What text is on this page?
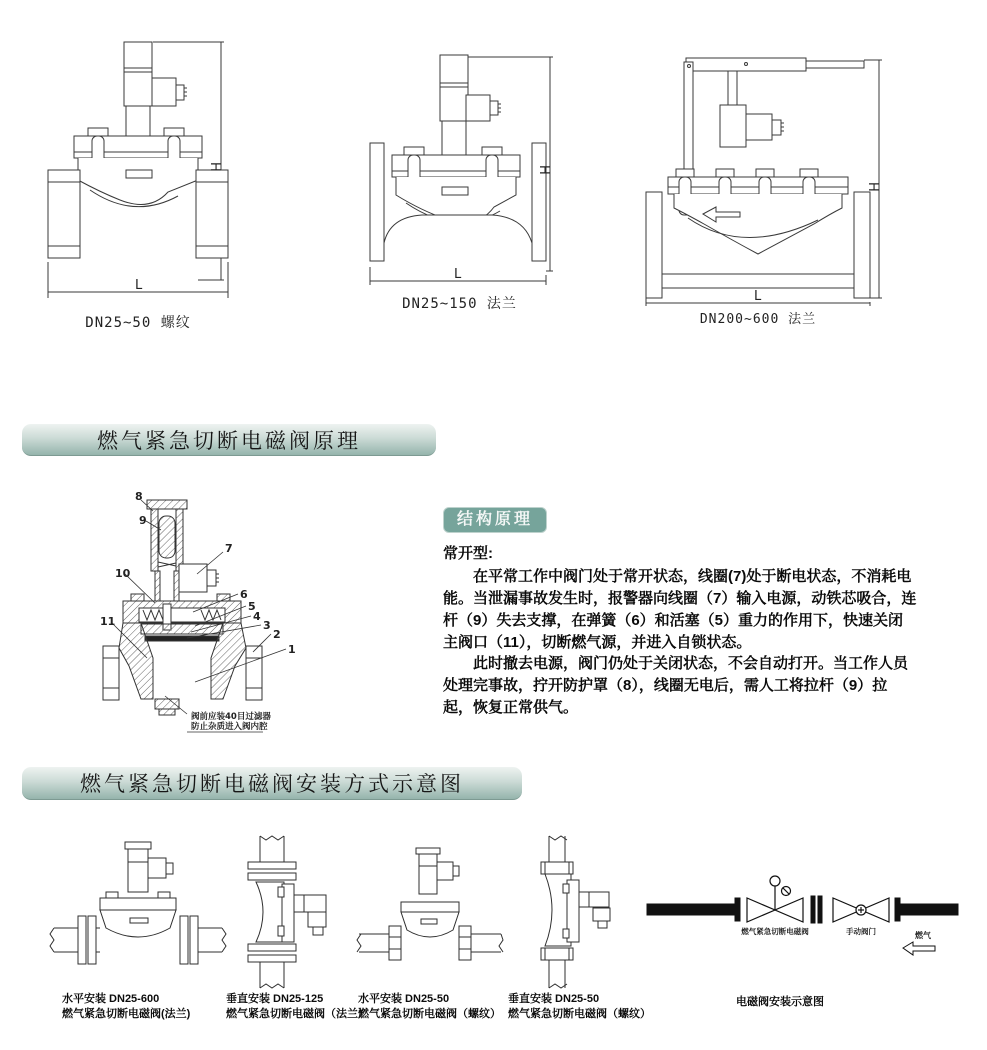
H
L
DN25~50 螺纹
H
L
DN25~150 法兰
H
L
DN200~600 法兰
燃气紧急切断电磁阀原理
8
9
7
10
6
5
4
3
2
1
11
阀前应装40目过滤器
防止杂质进入阀内腔
结构原理

常开型:

在平常工作中阀门处于常开状态，线圈(7)处于断电状态，不消耗电能。当泄漏事故发生时，报警器向线圈（7）输入电源，动铁芯吸合，连杆（9）失去支撑，在弹簧（6）和活塞（5）重力的作用下，快速关闭主阀口（11），切断燃气源，并进入自锁状态。

此时撤去电源，阀门仍处于关闭状态，不会自动打开。当工作人员处理完事故，拧开防护罩（8），线圈无电后，需人工将拉杆（9）拉起，恢复正常供气。

燃气紧急切断电磁阀安装方式示意图
燃气紧急切断电磁阀	手动阀门	燃气
水平安装 DN25-600
燃气紧急切断电磁阀(法兰)
垂直安装 DN25-125
燃气紧急切断电磁阀（法兰）
水平安装 DN25-50
燃气紧急切断电磁阀（螺纹）
垂直安装 DN25-50
燃气紧急切断电磁阀（螺纹）
电磁阀安装示意图
